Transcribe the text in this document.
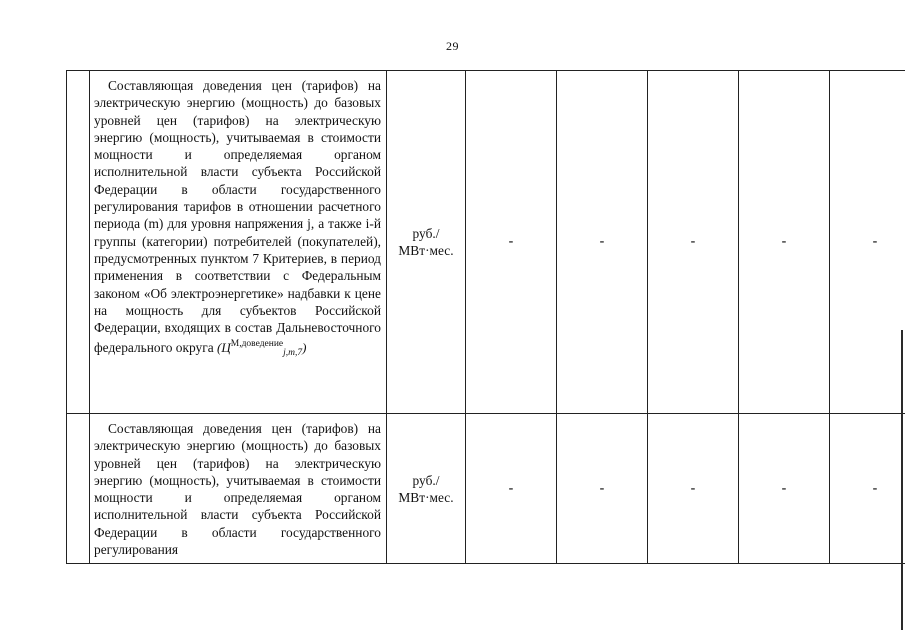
29

	Составляющая доведения цен (тарифов) на электрическую энергию (мощность) до базовых уровней цен (тарифов) на электрическую энергию (мощность), учитываемая в стоимости мощности и определяемая органом исполнительной власти субъекта Российской Федерации в области государственного регулирования тарифов в отношении расчетного периода (m) для уровня напряжения j, а также i-й группы (категории) потребителей (покупателей), предусмотренных пунктом 7 Критериев, в период применения в соответствии с Федеральным законом «Об электроэнергетике» надбавки к цене на мощность для субъектов Российской Федерации, входящих в состав Дальневосточного федерального округа $(Ц^{М,доведение}_{j,m,7})$	руб./
МВт·мес.	-	-	-	-	-

	Составляющая доведения цен (тарифов) на электрическую энергию (мощность) до базовых уровней цен (тарифов) на электрическую энергию (мощность), учитываемая в стоимости мощности и определяемая органом исполнительной власти субъекта Российской Федерации в области государственного регулирования	руб./
МВт·мес.	-	-	-	-	-
